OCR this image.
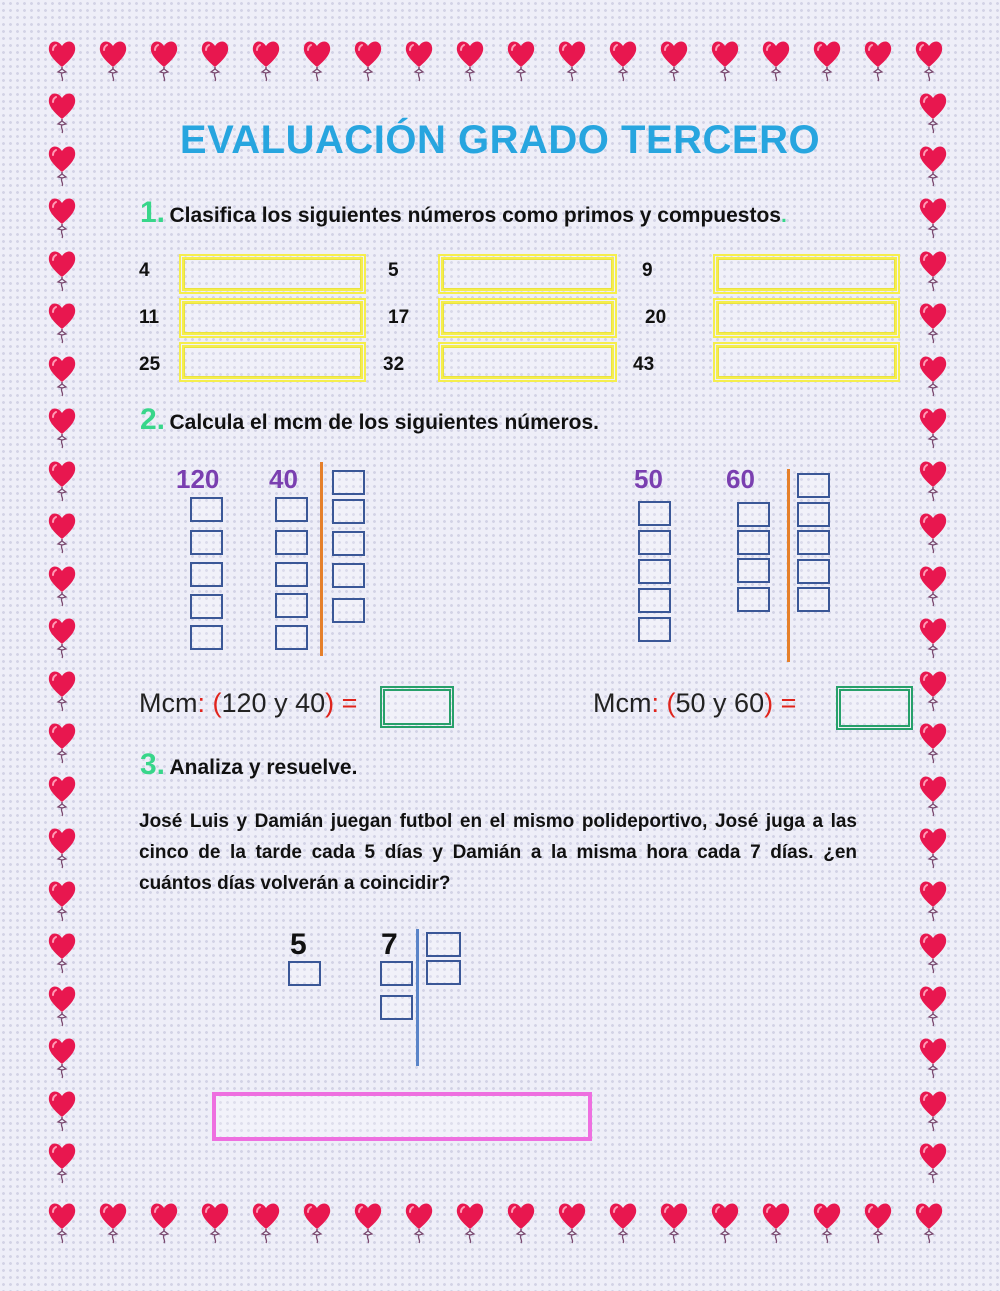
EVALUACIÓN GRADO TERCERO
1. Clasifica los siguientes números como primos y compuestos.
4	5	9
11	17	20
25	32	43
2. Calcula el mcm de los siguientes números.
120 40	50 60
Mcm: (120 y 40) =	Mcm: (50 y 60) =
3. Analiza y resuelve.
José Luis y Damián juegan futbol en el mismo polideportivo, José juga a las cinco de la tarde cada 5 días y Damián a la misma hora cada 7 días. ¿en cuántos días volverán a coincidir?
5 7
